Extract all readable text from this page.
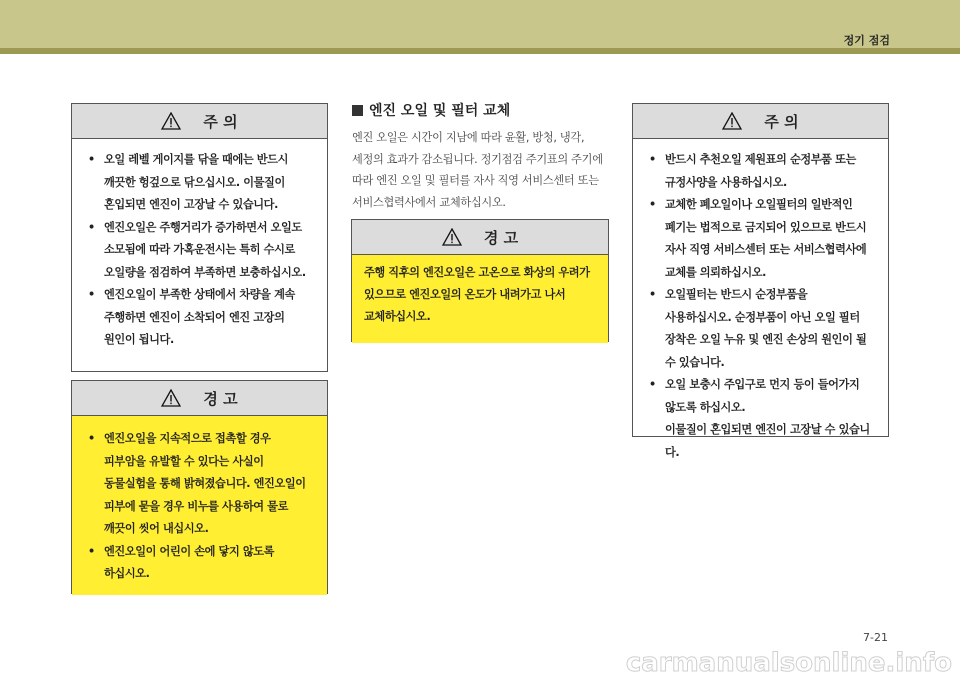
정기 점검
주 의
• 오일 레벨 게이지를 닦을 때에는 반드시 깨끗한 헝겊으로 닦으십시오. 이물질이 혼입되면 엔진이 고장날 수 있습니다.
• 엔진오일은 주행거리가 증가하면서 오일도 소모됨에 따라 가혹운전시는 특히 수시로 오일량을 점검하여 부족하면 보충하십시오.
• 엔진오일이 부족한 상태에서 차량을 계속 주행하면 엔진이 소착되어 엔진 고장의 원인이 됩니다.
경 고
• 엔진오일을 지속적으로 접촉할 경우 피부암을 유발할 수 있다는 사실이 동물실험을 통해 밝혀졌습니다. 엔진오일이 피부에 묻을 경우 비누를 사용하여 물로 깨끗이 씻어 내십시오.
• 엔진오일이 어린이 손에 닿지 않도록 하십시오.
엔진 오일 및 필터 교체
엔진 오일은 시간이 지남에 따라 윤활, 방청, 냉각, 세정의 효과가 감소됩니다. 정기점검 주기표의 주기에 따라 엔진 오일 및 필터를 자사 직영 서비스센터 또는 서비스협력사에서 교체하십시오.
경 고
주행 직후의 엔진오일은 고온으로 화상의 우려가 있으므로 엔진오일의 온도가 내려가고 나서 교체하십시오.
주 의
• 반드시 추천오일 제원표의 순정부품 또는 규정사양을 사용하십시오.
• 교체한 폐오일이나 오일필터의 일반적인 폐기는 법적으로 금지되어 있으므로 반드시 자사 직영 서비스센터 또는 서비스협력사에 교체를 의뢰하십시오.
• 오일필터는 반드시 순정부품을 사용하십시오. 순정부품이 아닌 오일 필터 장착은 오일 누유 및 엔진 손상의 원인이 될 수 있습니다.
• 오일 보충시 주입구로 먼지 등이 들어가지 않도록 하십시오.
이물질이 혼입되면 엔진이 고장날 수 있습니다.
7-21
carmanualsonline.info
